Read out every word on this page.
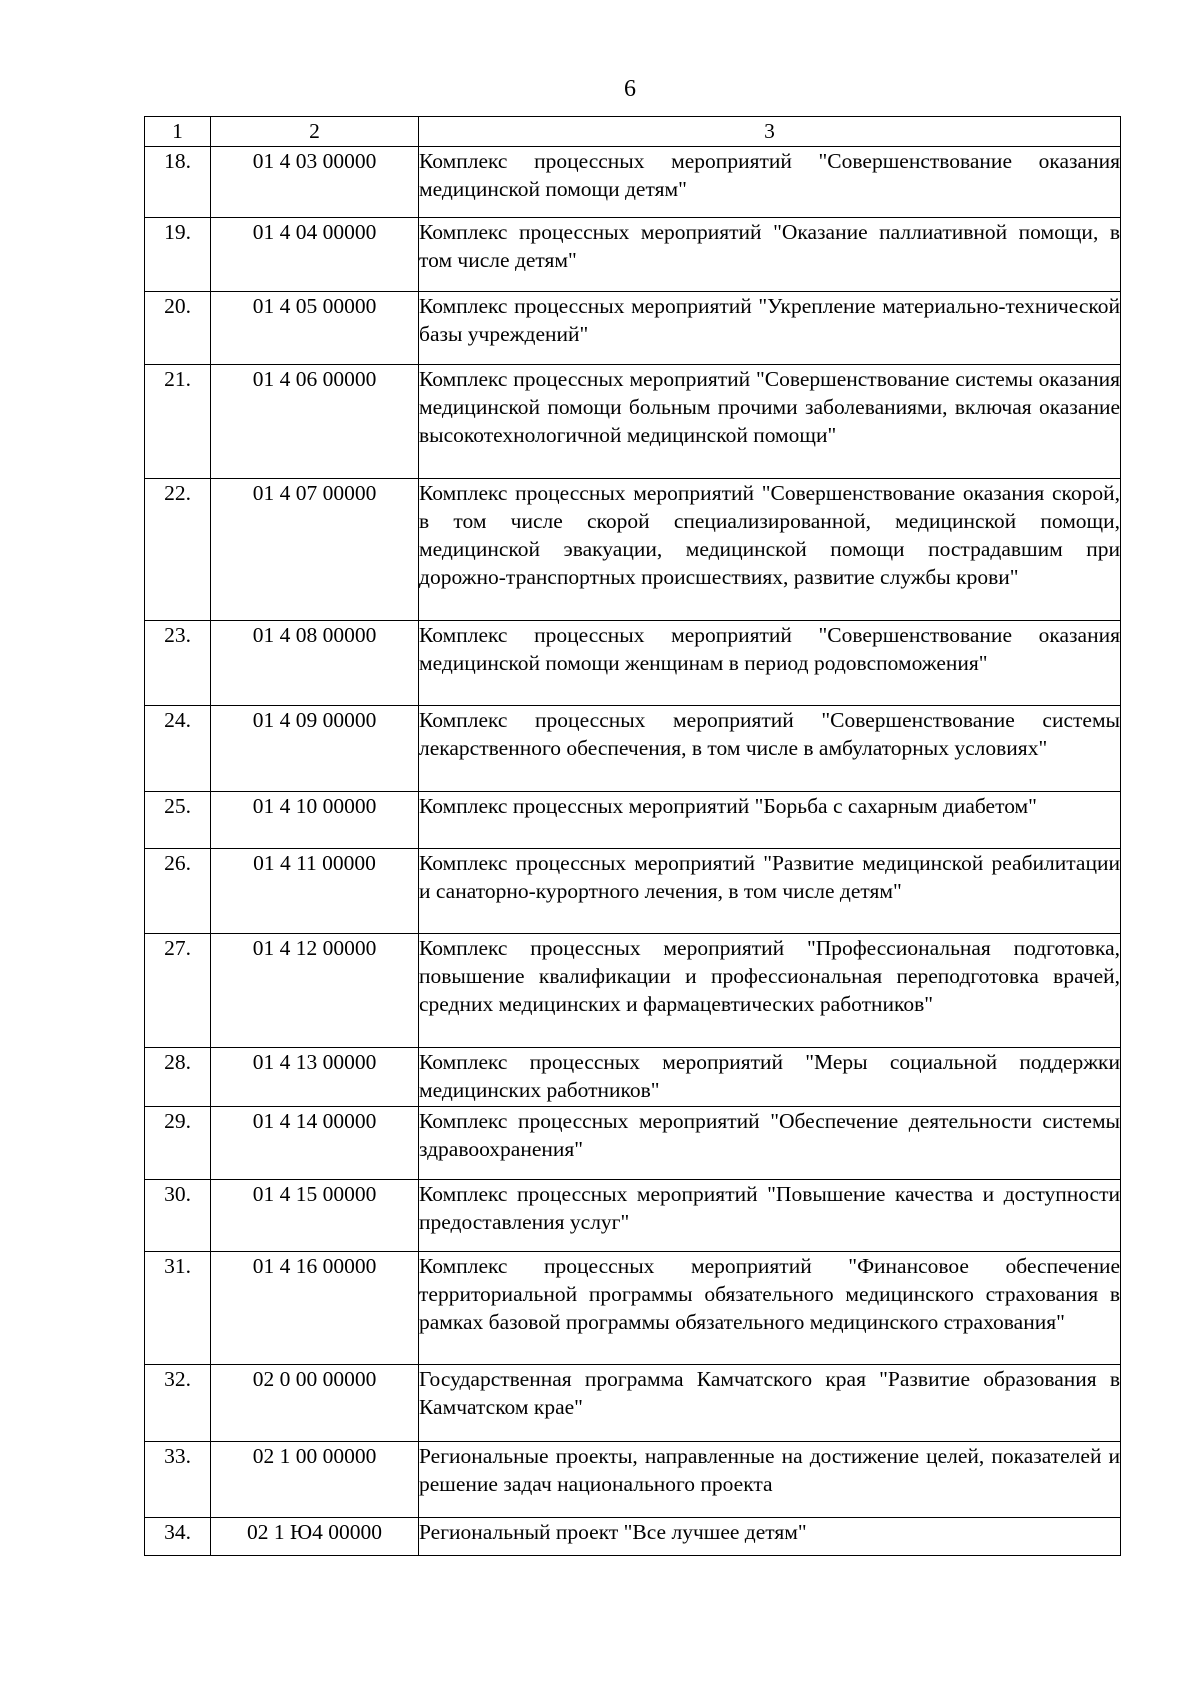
6
1	2	3
18.	01 4 03 00000	Комплекс процессных мероприятий "Совершенствование оказания медицинской помощи детям"
19.	01 4 04 00000	Комплекс процессных мероприятий "Оказание паллиативной помощи, в том числе детям"
20.	01 4 05 00000	Комплекс процессных мероприятий "Укрепление материально-технической базы учреждений"
21.	01 4 06 00000	Комплекс процессных мероприятий "Совершенствование системы оказания медицинской помощи больным прочими заболеваниями, включая оказание высокотехнологичной медицинской помощи"
22.	01 4 07 00000	Комплекс процессных мероприятий "Совершенствование оказания скорой, в том числе скорой специализированной, медицинской помощи, медицинской эвакуации, медицинской помощи пострадавшим при дорожно-транспортных происшествиях, развитие службы крови"
23.	01 4 08 00000	Комплекс процессных мероприятий "Совершенствование оказания медицинской помощи женщинам в период родовспоможения"
24.	01 4 09 00000	Комплекс процессных мероприятий "Совершенствование системы лекарственного обеспечения, в том числе в амбулаторных условиях"
25.	01 4 10 00000	Комплекс процессных мероприятий "Борьба с сахарным диабетом"
26.	01 4 11 00000	Комплекс процессных мероприятий "Развитие медицинской реабилитации и санаторно-курортного лечения, в том числе детям"
27.	01 4 12 00000	Комплекс процессных мероприятий "Профессиональная подготовка, повышение квалификации и профессиональная переподготовка врачей, средних медицинских и фармацевтических работников"
28.	01 4 13 00000	Комплекс процессных мероприятий "Меры социальной поддержки медицинских работников"
29.	01 4 14 00000	Комплекс процессных мероприятий "Обеспечение деятельности системы здравоохранения"
30.	01 4 15 00000	Комплекс процессных мероприятий "Повышение качества и доступности предоставления услуг"
31.	01 4 16 00000	Комплекс процессных мероприятий "Финансовое обеспечение территориальной программы обязательного медицинского страхования в рамках базовой программы обязательного медицинского страхования"
32.	02 0 00 00000	Государственная программа Камчатского края "Развитие образования в Камчатском крае"
33.	02 1 00 00000	Региональные проекты, направленные на достижение целей, показателей и решение задач национального проекта
34.	02 1 Ю4 00000	Региональный проект "Все лучшее детям"
